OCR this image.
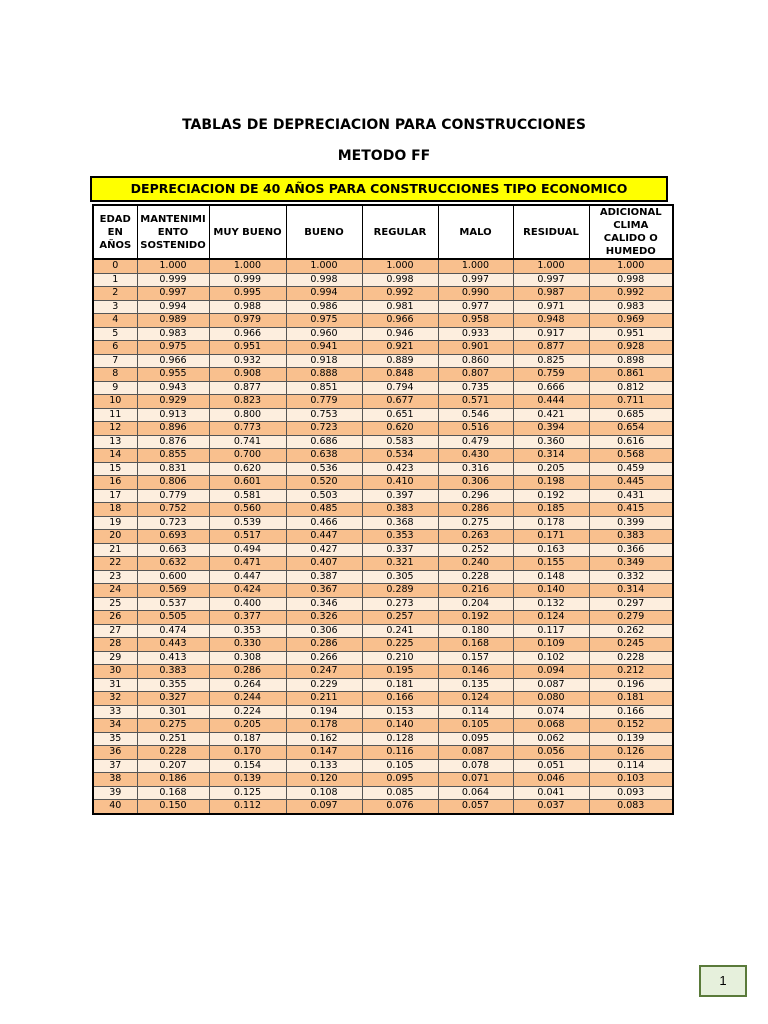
TABLAS DE DEPRECIACION PARA CONSTRUCCIONES
METODO FF
DEPRECIACION DE 40 AÑOS PARA CONSTRUCCIONES TIPO ECONOMICO
EDAD
EN
AÑOS	MANTENIMI
ENTO
SOSTENIDO	MUY BUENO	BUENO	REGULAR	MALO	RESIDUAL	ADICIONAL
CLIMA
CALIDO O
HUMEDO

0	1.000	1.000	1.000	1.000	1.000	1.000	1.000
1	0.999	0.999	0.998	0.998	0.997	0.997	0.998
2	0.997	0.995	0.994	0.992	0.990	0.987	0.992
3	0.994	0.988	0.986	0.981	0.977	0.971	0.983
4	0.989	0.979	0.975	0.966	0.958	0.948	0.969
5	0.983	0.966	0.960	0.946	0.933	0.917	0.951
6	0.975	0.951	0.941	0.921	0.901	0.877	0.928
7	0.966	0.932	0.918	0.889	0.860	0.825	0.898
8	0.955	0.908	0.888	0.848	0.807	0.759	0.861
9	0.943	0.877	0.851	0.794	0.735	0.666	0.812
10	0.929	0.823	0.779	0.677	0.571	0.444	0.711
11	0.913	0.800	0.753	0.651	0.546	0.421	0.685
12	0.896	0.773	0.723	0.620	0.516	0.394	0.654
13	0.876	0.741	0.686	0.583	0.479	0.360	0.616
14	0.855	0.700	0.638	0.534	0.430	0.314	0.568
15	0.831	0.620	0.536	0.423	0.316	0.205	0.459
16	0.806	0.601	0.520	0.410	0.306	0.198	0.445
17	0.779	0.581	0.503	0.397	0.296	0.192	0.431
18	0.752	0.560	0.485	0.383	0.286	0.185	0.415
19	0.723	0.539	0.466	0.368	0.275	0.178	0.399
20	0.693	0.517	0.447	0.353	0.263	0.171	0.383
21	0.663	0.494	0.427	0.337	0.252	0.163	0.366
22	0.632	0.471	0.407	0.321	0.240	0.155	0.349
23	0.600	0.447	0.387	0.305	0.228	0.148	0.332
24	0.569	0.424	0.367	0.289	0.216	0.140	0.314
25	0.537	0.400	0.346	0.273	0.204	0.132	0.297
26	0.505	0.377	0.326	0.257	0.192	0.124	0.279
27	0.474	0.353	0.306	0.241	0.180	0.117	0.262
28	0.443	0.330	0.286	0.225	0.168	0.109	0.245
29	0.413	0.308	0.266	0.210	0.157	0.102	0.228
30	0.383	0.286	0.247	0.195	0.146	0.094	0.212
31	0.355	0.264	0.229	0.181	0.135	0.087	0.196
32	0.327	0.244	0.211	0.166	0.124	0.080	0.181
33	0.301	0.224	0.194	0.153	0.114	0.074	0.166
34	0.275	0.205	0.178	0.140	0.105	0.068	0.152
35	0.251	0.187	0.162	0.128	0.095	0.062	0.139
36	0.228	0.170	0.147	0.116	0.087	0.056	0.126
37	0.207	0.154	0.133	0.105	0.078	0.051	0.114
38	0.186	0.139	0.120	0.095	0.071	0.046	0.103
39	0.168	0.125	0.108	0.085	0.064	0.041	0.093
40	0.150	0.112	0.097	0.076	0.057	0.037	0.083
1
